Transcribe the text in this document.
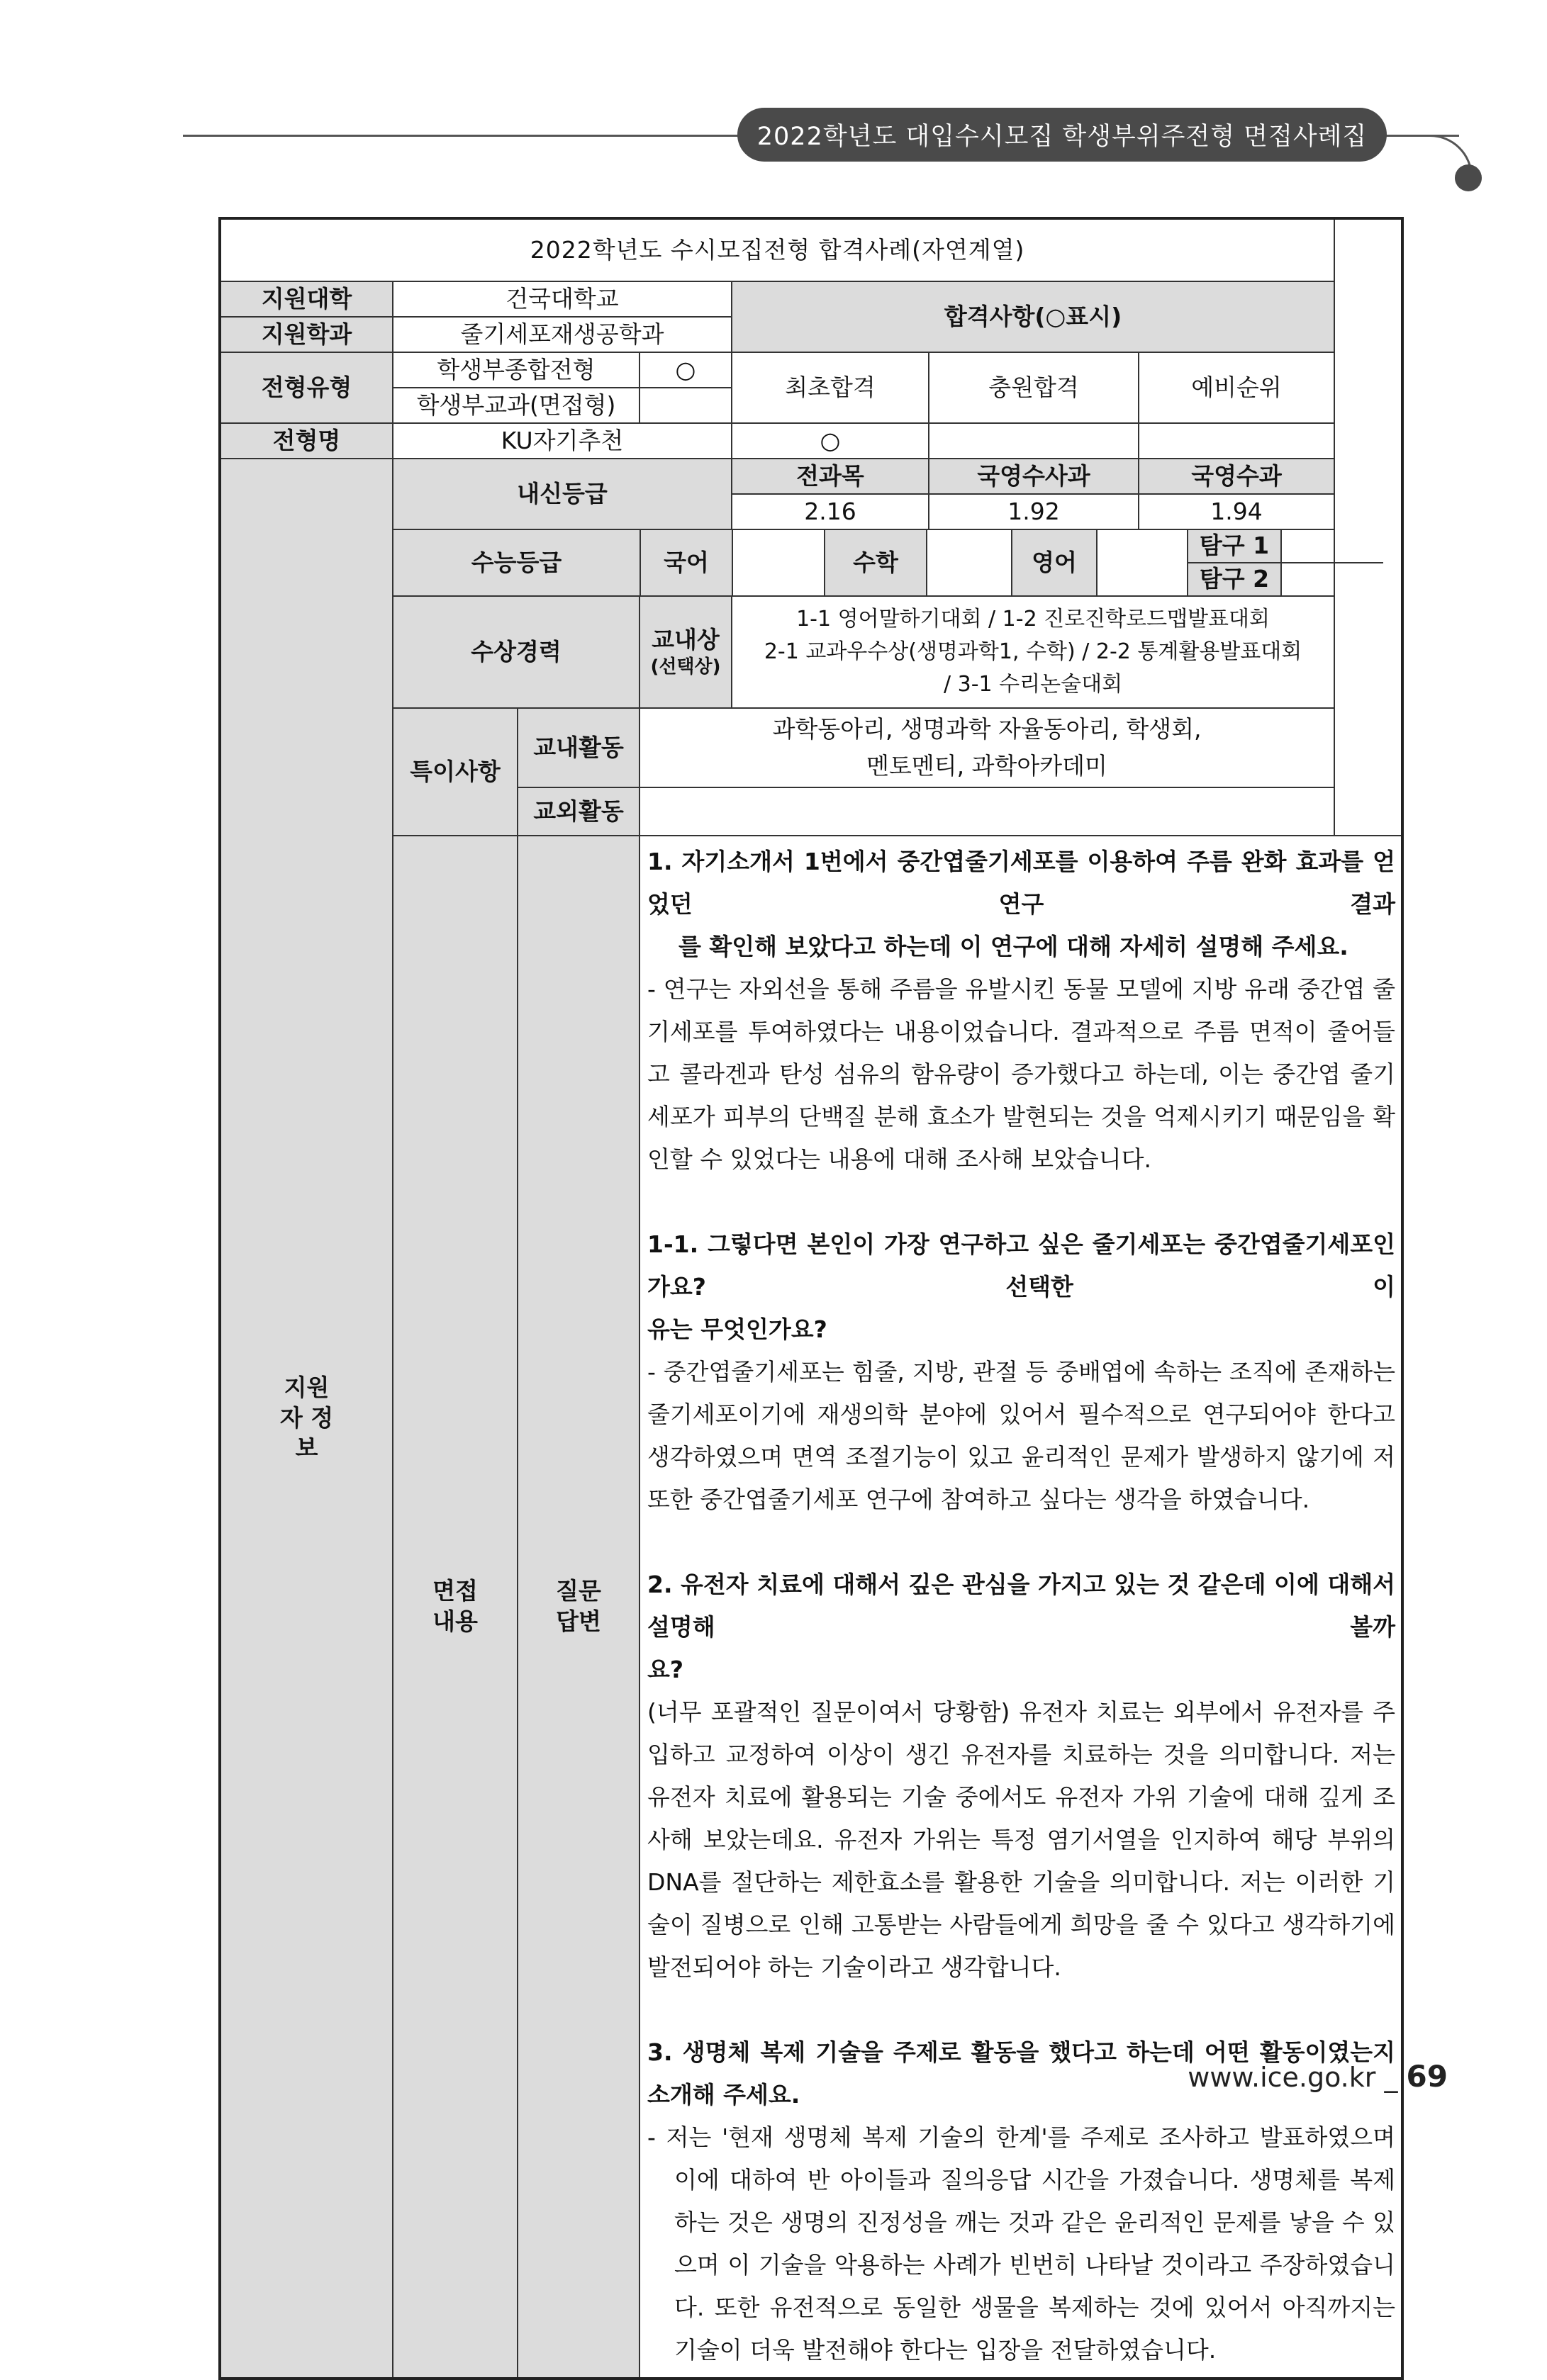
2022학년도 대입수시모집 학생부위주전형 면접사례집
2022학년도 수시모집전형 합격사례(자연계열)
지원대학	건국대학교	합격사항(○표시)
지원학과	줄기세포재생공학과
전형유형	학생부종합전형	○	최초합격	충원합격	예비순위
학생부교과(면접형)	
전형명	KU자기추천	○		
지원자 정보	내신등급	전과목	국영수사과	국영수과
2.16	1.92	1.94

수능등급	국어		수학		영어		탐구 1	
탐구 2	

수상경력	교내상
(선택상)

1-1 영어말하기대회 / 1-2 진로진학로드맵발표대회
2-1 교과우수상(생명과학1, 수학) / 2-2 통계활용발표대회
/ 3-1 수리논술대회

특이사항	교내활동	
과학동아리, 생명과학 자율동아리, 학생회,
멘토멘티, 과학아카데미

교외활동	
면접 내용	질문 답변	
1. 자기소개서 1번에서 중간엽줄기세포를 이용하여 주름 완화 효과를 얻었던 연구 결과
를 확인해 보았다고 하는데 이 연구에 대해 자세히 설명해 주세요.
- 연구는 자외선을 통해 주름을 유발시킨 동물 모델에 지방 유래 중간엽 줄기세포를 투여하였다는 내용이었습니다. 결과적으로 주름 면적이 줄어들고 콜라겐과 탄성 섬유의 함유량이 증가했다고 하는데, 이는 중간엽 줄기세포가 피부의 단백질 분해 효소가 발현되는 것을 억제시키기 때문임을 확인할 수 있었다는 내용에 대해 조사해 보았습니다.
1-1. 그렇다면 본인이 가장 연구하고 싶은 줄기세포는 중간엽줄기세포인가요? 선택한 이
유는 무엇인가요?
- 중간엽줄기세포는 힘줄, 지방, 관절 등 중배엽에 속하는 조직에 존재하는 줄기세포이기에 재생의학 분야에 있어서 필수적으로 연구되어야 한다고 생각하였으며 면역 조절기능이 있고 윤리적인 문제가 발생하지 않기에 저 또한 중간엽줄기세포 연구에 참여하고 싶다는 생각을 하였습니다.
2. 유전자 치료에 대해서 깊은 관심을 가지고 있는 것 같은데 이에 대해서 설명해 볼까
요?
(너무 포괄적인 질문이여서 당황함) 유전자 치료는 외부에서 유전자를 주입하고 교정하여 이상이 생긴 유전자를 치료하는 것을 의미합니다. 저는 유전자 치료에 활용되는 기술 중에서도 유전자 가위 기술에 대해 깊게 조사해 보았는데요. 유전자 가위는 특정 염기서열을 인지하여 해당 부위의 DNA를 절단하는 제한효소를 활용한 기술을 의미합니다. 저는 이러한 기술이 질병으로 인해 고통받는 사람들에게 희망을 줄 수 있다고 생각하기에 발전되어야 하는 기술이라고 생각합니다.
3. 생명체 복제 기술을 주제로 활동을 했다고 하는데 어떤 활동이였는지 소개해 주세요.
- 저는 '현재 생명체 복제 기술의 한계'를 주제로 조사하고 발표하였으며 이에 대하여 반 아이들과 질의응답 시간을 가졌습니다. 생명체를 복제하는 것은 생명의 진정성을 깨는 것과 같은 윤리적인 문제를 낳을 수 있으며 이 기술을 악용하는 사례가 빈번히 나타날 것이라고 주장하였습니다. 또한 유전적으로 동일한 생물을 복제하는 것에 있어서 아직까지는 기술이 더욱 발전해야 한다는 입장을 전달하였습니다.
www.ice.go.kr _ 69
